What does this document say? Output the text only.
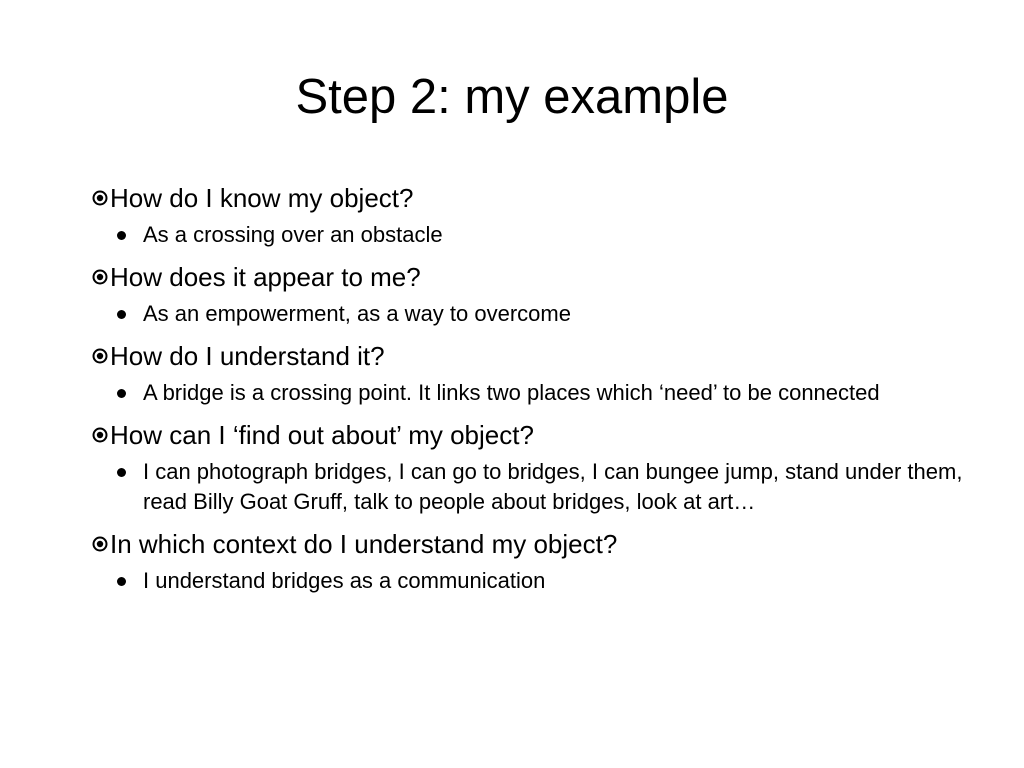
Step 2: my example
How do I know my object?
As a crossing over an obstacle
How does it appear to me?
As an empowerment, as a way to overcome
How do I understand it?
A bridge is a crossing point. It links two places which ‘need’ to be connected
How can I ‘find out about’ my object?
I can photograph bridges, I can go to bridges, I can bungee jump, stand under them, read Billy Goat Gruff, talk to people about bridges, look at art…
In which context do I understand my object?
I understand bridges as a communication
